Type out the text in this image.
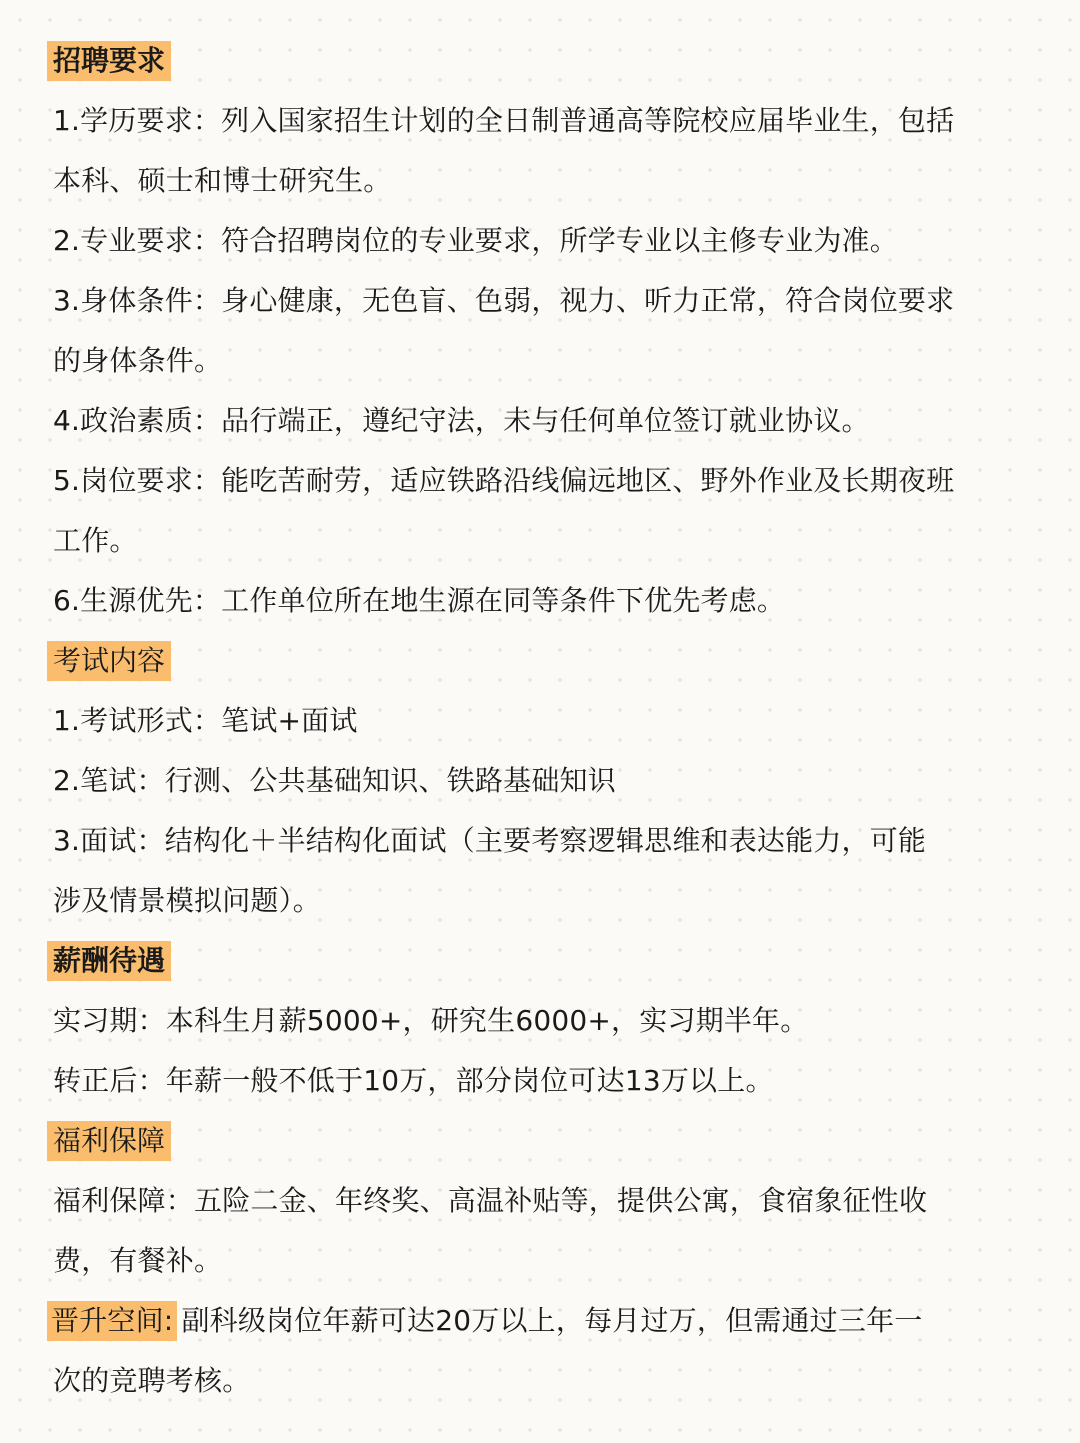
招聘要求
1.学历要求：列入国家招生计划的全日制普通高等院校应届毕业生，包括
本科、硕士和博士研究生。
2.专业要求：符合招聘岗位的专业要求，所学专业以主修专业为准。
3.身体条件：身心健康，无色盲、色弱，视力、听力正常，符合岗位要求
的身体条件。
4.政治素质：品行端正，遵纪守法，未与任何单位签订就业协议。
5.岗位要求：能吃苦耐劳，适应铁路沿线偏远地区、野外作业及长期夜班
工作。
6.生源优先：工作单位所在地生源在同等条件下优先考虑。
考试内容
1.考试形式：笔试+面试
2.笔试：行测、公共基础知识、铁路基础知识
3.面试：结构化＋半结构化面试（主要考察逻辑思维和表达能力，可能
涉及情景模拟问题）。
薪酬待遇
实习期：本科生月薪5000+，研究生6000+，实习期半年。
转正后：年薪一般不低于10万，部分岗位可达13万以上。
福利保障
福利保障：五险二金、年终奖、高温补贴等，提供公寓，食宿象征性收
费，有餐补。
晋升空间: 副科级岗位年薪可达20万以上，每月过万，但需通过三年一
次的竞聘考核。
